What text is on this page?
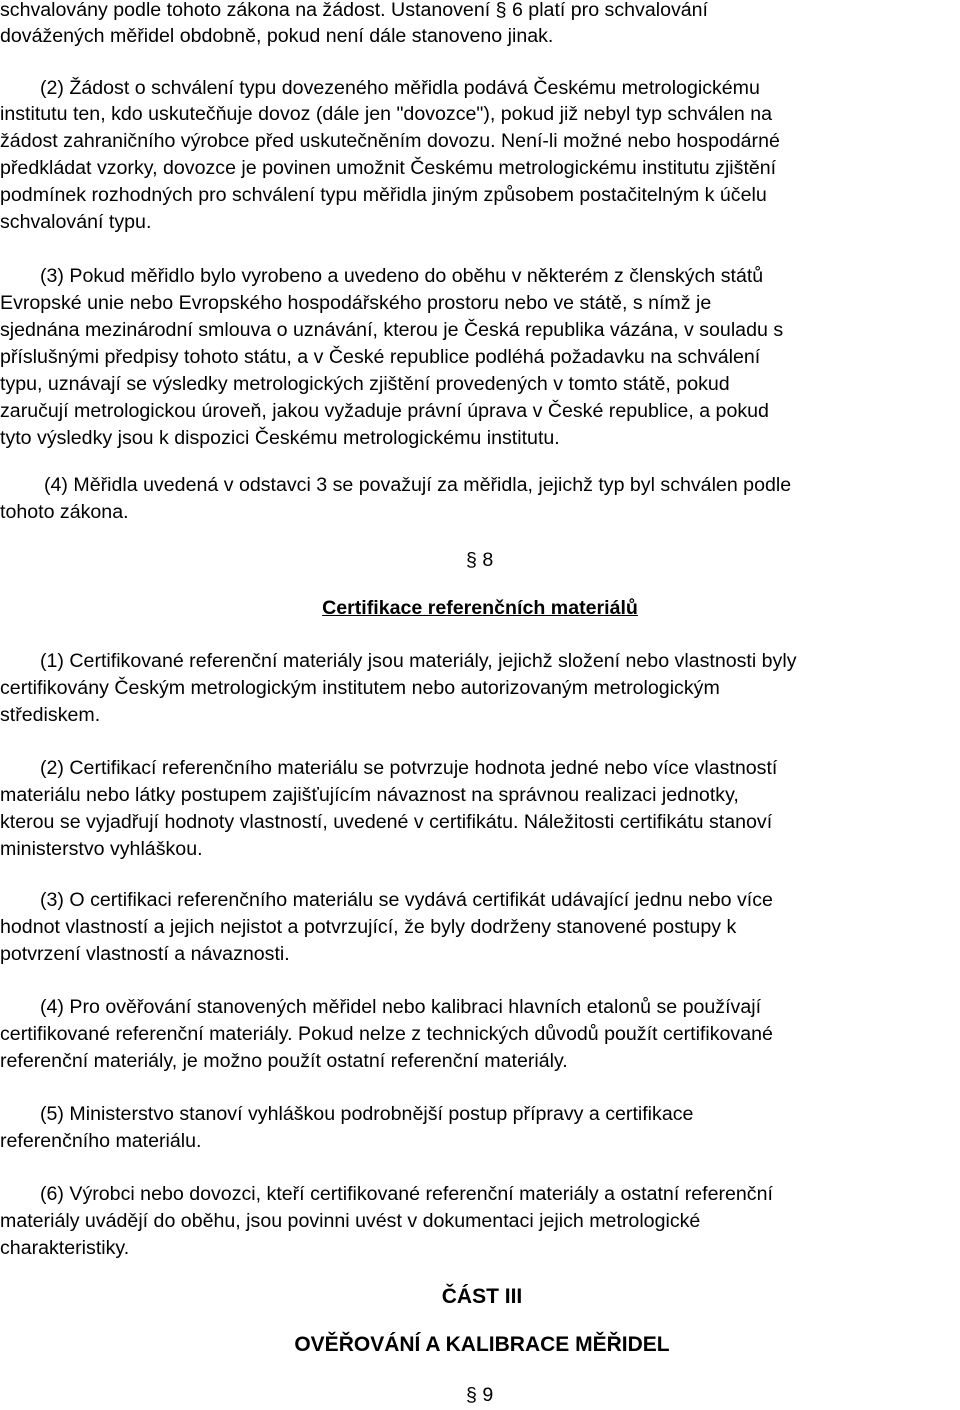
schvalovány podle tohoto zákona na žádost. Ustanovení § 6 platí pro schvalování
dovážených měřidel obdobně, pokud není dále stanoveno jinak.
(2) Žádost o schválení typu dovezeného měřidla podává Českému metrologickému
institutu ten, kdo uskutečňuje dovoz (dále jen "dovozce"), pokud již nebyl typ schválen na
žádost zahraničního výrobce před uskutečněním dovozu. Není-li možné nebo hospodárné
předkládat vzorky, dovozce je povinen umožnit Českému metrologickému institutu zjištění
podmínek rozhodných pro schválení typu měřidla jiným způsobem postačitelným k účelu
schvalování typu.
(3) Pokud měřidlo bylo vyrobeno a uvedeno do oběhu v některém z členských států
Evropské unie nebo Evropského hospodářského prostoru nebo ve státě, s nímž je
sjednána mezinárodní smlouva o uznávání, kterou je Česká republika vázána, v souladu s
příslušnými předpisy tohoto státu, a v České republice podléhá požadavku na schválení
typu, uznávají se výsledky metrologických zjištění provedených v tomto státě, pokud
zaručují metrologickou úroveň, jakou vyžaduje právní úprava v České republice, a pokud
tyto výsledky jsou k dispozici Českému metrologickému institutu.
(4) Měřidla uvedená v odstavci 3 se považují za měřidla, jejichž typ byl schválen podle
tohoto zákona.
§ 8
Certifikace referenčních materiálů
(1) Certifikované referenční materiály jsou materiály, jejichž složení nebo vlastnosti byly
certifikovány Českým metrologickým institutem nebo autorizovaným metrologickým
střediskem.
(2) Certifikací referenčního materiálu se potvrzuje hodnota jedné nebo více vlastností
materiálu nebo látky postupem zajišťujícím návaznost na správnou realizaci jednotky,
kterou se vyjadřují hodnoty vlastností, uvedené v certifikátu. Náležitosti certifikátu stanoví
ministerstvo vyhláškou.
(3) O certifikaci referenčního materiálu se vydává certifikát udávající jednu nebo více
hodnot vlastností a jejich nejistot a potvrzující, že byly dodrženy stanovené postupy k
potvrzení vlastností a návaznosti.
(4) Pro ověřování stanovených měřidel nebo kalibraci hlavních etalonů se používají
certifikované referenční materiály. Pokud nelze z technických důvodů použít certifikované
referenční materiály, je možno použít ostatní referenční materiály.
(5) Ministerstvo stanoví vyhláškou podrobnější postup přípravy a certifikace
referenčního materiálu.
(6) Výrobci nebo dovozci, kteří certifikované referenční materiály a ostatní referenční
materiály uvádějí do oběhu, jsou povinni uvést v dokumentaci jejich metrologické
charakteristiky.
ČÁST III
OVĚŘOVÁNÍ A KALIBRACE MĚŘIDEL
§ 9
